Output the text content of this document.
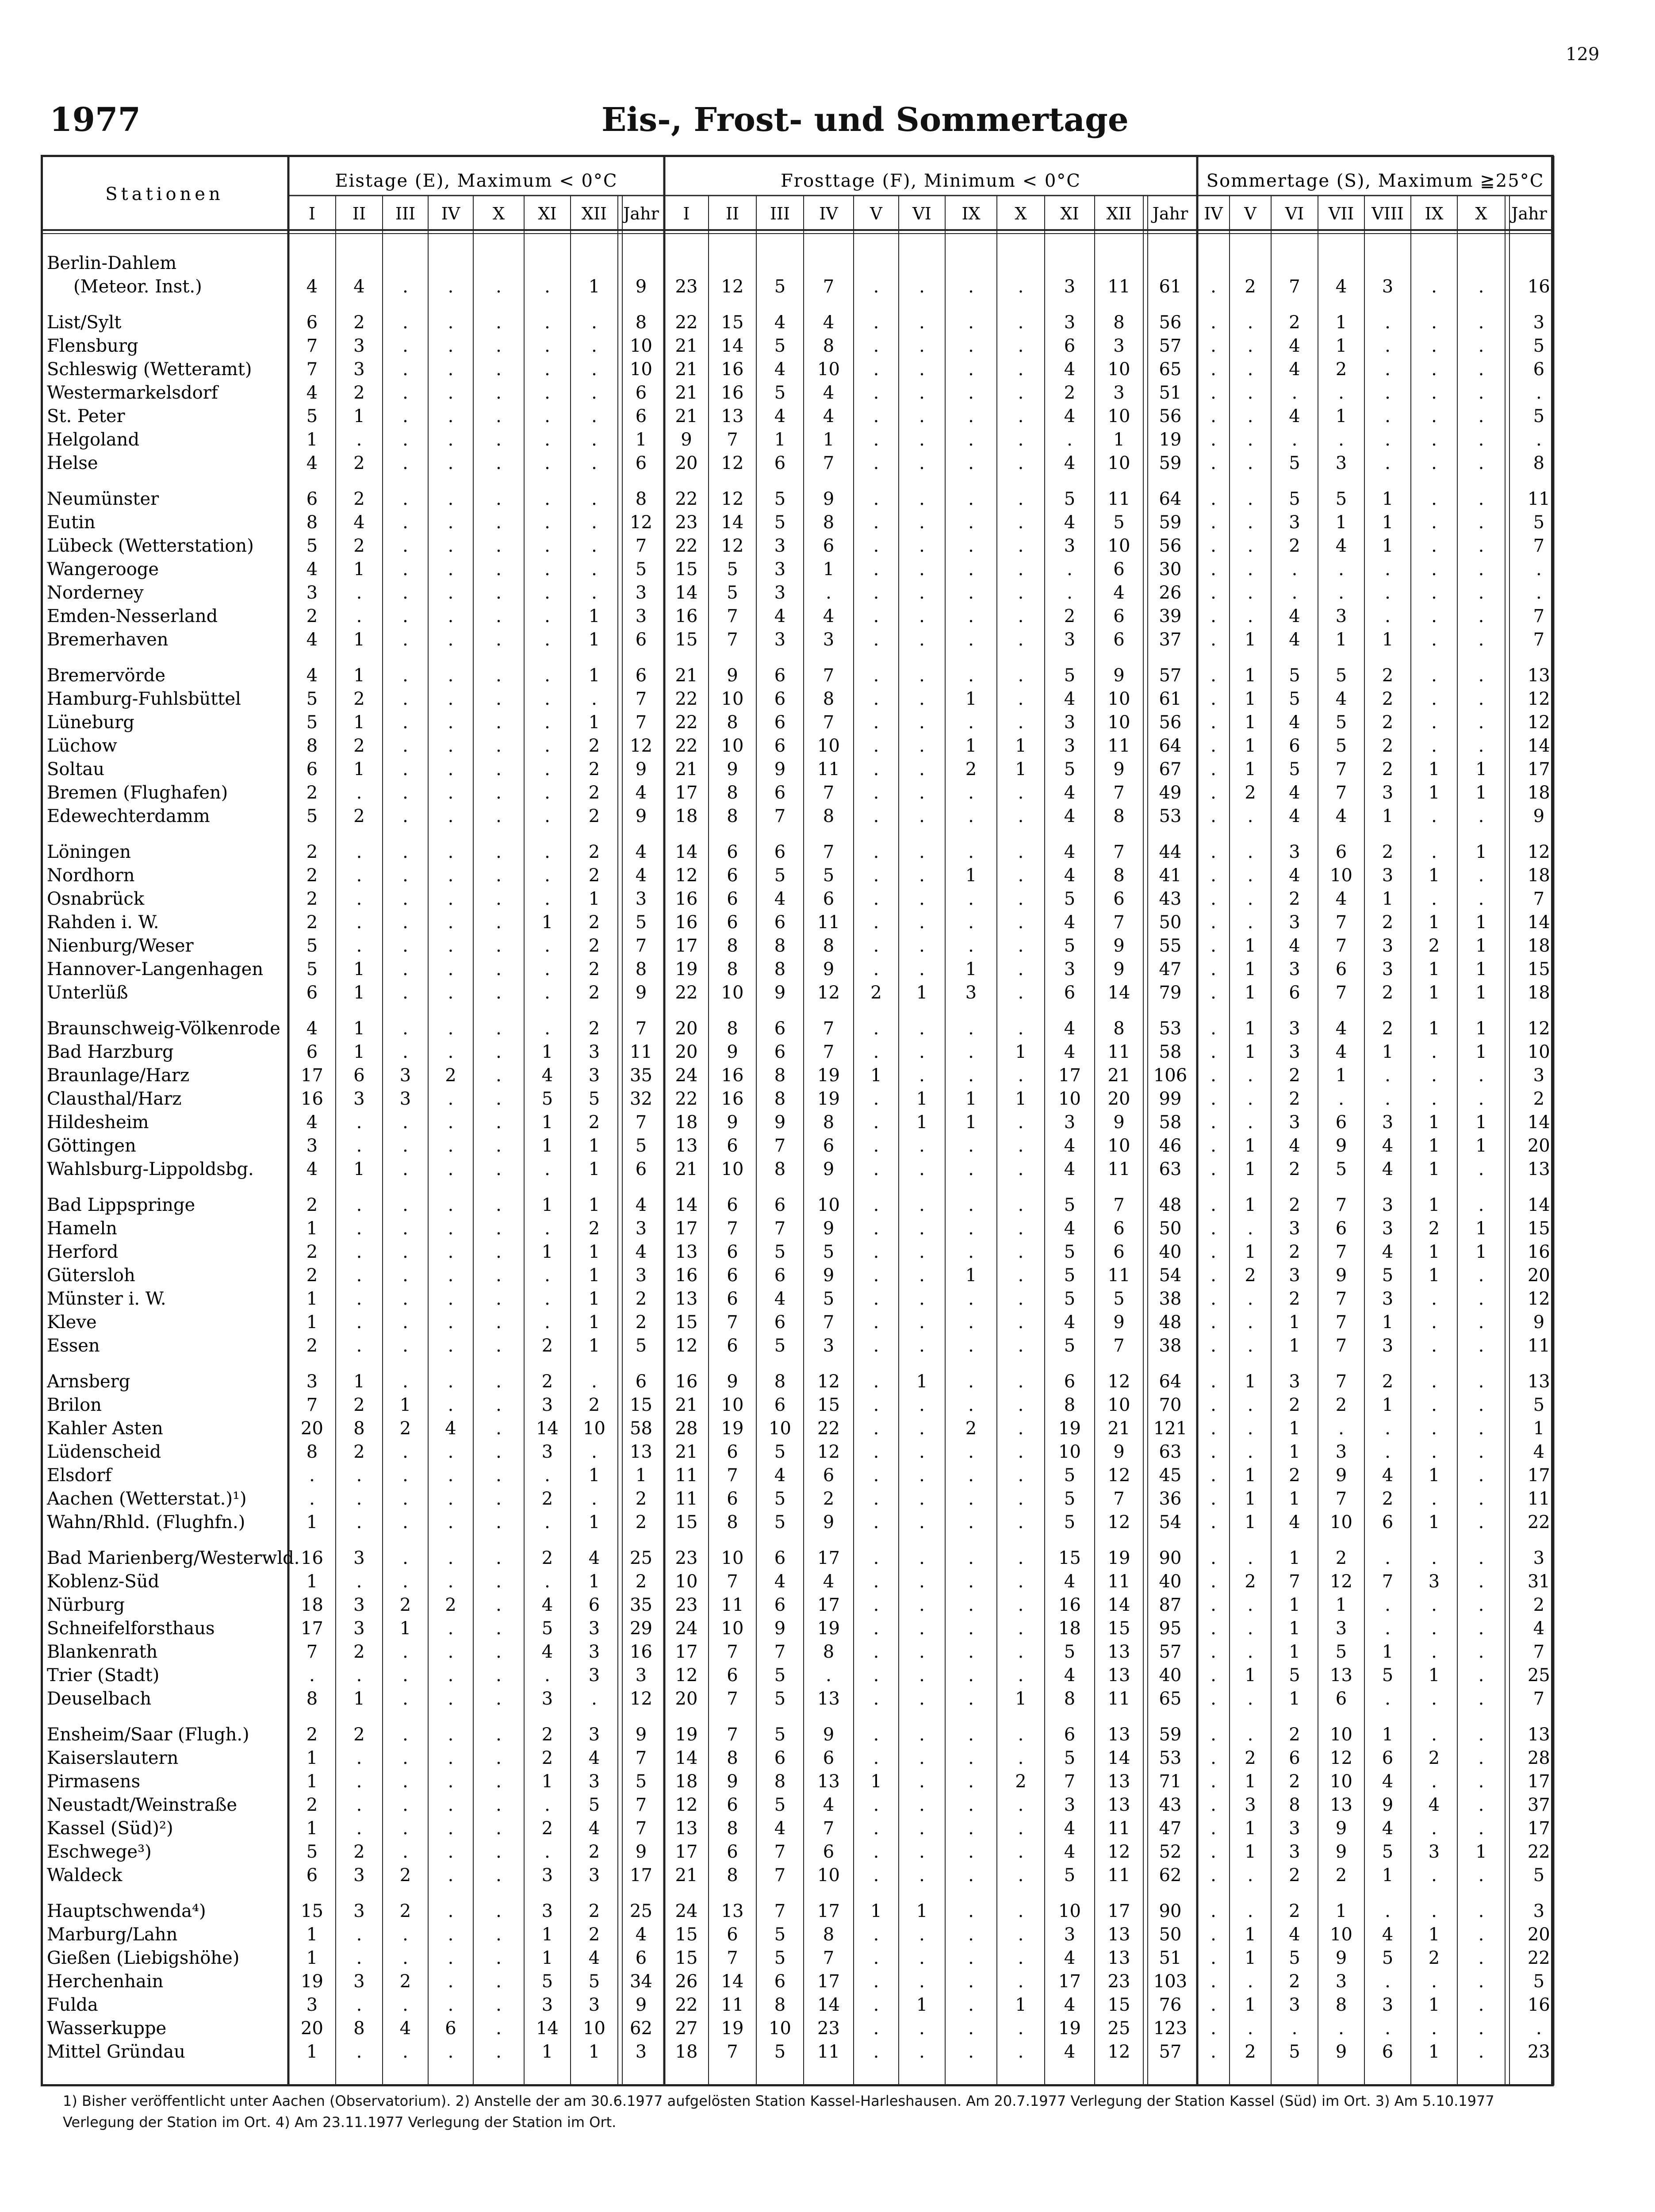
129
1977	Eis-, Frost- und Sommertage
Eistage (E), Maximum < 0°C
I II III IV X XI XII Jahr
Frosttage (F), Minimum < 0°C
I II III IV V VI IX X XI XII Jahr
Sommertage (S), Maximum ≧25°C
IV V VI VII VIII IX X Jahr
Stationen
Berlin-Dahlem
(Meteor. Inst.)	4 4 . . . . 1 9 23 12 5 7 . . . . 3 11 61 . 2 7 4 3 . . 16
List/Sylt	6 2 . . . . . 8 22 15 4 4 . . . . 3 8 56 . . 2 1 . . .	3
Flensburg	7 3 . . . . . 10 21 14 5 8 . . . . 6 3 57 . . 4 1 . . .	5
Schleswig (Wetteramt)	7 3 . . . . . 10 21 16 4 10 . . . . 4 10 65 . . 4 2 . . .	6
Westermarkelsdorf	4 2 . . . . . 6 21 16 5 4 . . . . 2 3 51 . . . . . . .	.
St. Peter	5 1 . . . . . 6 21 13 4 4 . . . . 4 10 56 . . 4 1 . . .	5
Helgoland	1 . . . . . . 1 9 7 1 1 . . . . . 1 19 . . . . . . .	.
Helse	4 2 . . . . . 6 20 12 6 7 . . . . 4 10 59 . . 5 3 . . .	8
Neumünster	6 2 . . . . . 8 22 12 5 9 . . . . 5 11 64 . . 5 5 1 . . 11
Eutin	8 4 . . . . . 12 23 14 5 8 . . . . 4 5 59 . . 3 1 1 . .	5
Lübeck (Wetterstation)	5 2 . . . . . 7 22 12 3 6 . . . . 3 10 56 . . 2 4 1 . .	7
Wangerooge	4 1 . . . . . 5 15 5 3 1 . . . . . 6 30 . . . . . . .	.
Norderney	3 . . . . . . 3 14 5 3 . . . . . . 4 26 . . . . . . .	.
Emden-Nesserland	2 . . . . . 1 3 16 7 4 4 . . . . 2 6 39 . . 4 3 . . .	7
Bremerhaven	4 1 . . . . 1 6 15 7 3 3 . . . . 3 6 37 . 1 4 1 1 . .	7
Bremervörde	4 1 . . . . 1 6 21 9 6 7 . . . . 5 9 57 . 1 5 5 2 . . 13
Hamburg-Fuhlsbüttel	5 2 . . . . . 7 22 10 6 8 . . 1 . 4 10 61 . 1 5 4 2 . . 12
Lüneburg	5 1 . . . . 1 7 22 8 6 7 . . . . 3 10 56 . 1 4 5 2 . . 12
Lüchow	8 2 . . . . 2 12 22 10 6 10 . . 1 1 3 11 64 . 1 6 5 2 . . 14
Soltau	6 1 . . . . 2 9 21 9 9 11 . . 2 1 5 9 67 . 1 5 7 2 1 1 17
Bremen (Flughafen)	2 . . . . . 2 4 17 8 6 7 . . . . 4 7 49 . 2 4 7 3 1 1 18
Edewechterdamm	5 2 . . . . 2 9 18 8 7 8 . . . . 4 8 53 . . 4 4 1 . .	9
Löningen	2 . . . . . 2 4 14 6 6 7 . . . . 4 7 44 . . 3 6 2 . 1 12
Nordhorn	2 . . . . . 2 4 12 6 5 5 . . 1 . 4 8 41 . . 4 10 3 1 . 18
Osnabrück	2 . . . . . 1 3 16 6 4 6 . . . . 5 6 43 . . 2 4 1 . .	7
Rahden i. W.	2 . . . . 1 2 5 16 6 6 11 . . . . 4 7 50 . . 3 7 2 1 1 14
Nienburg/Weser	5 . . . . . 2 7 17 8 8 8 . . . . 5 9 55 . 1 4 7 3 2 1 18
Hannover-Langenhagen 5 1 . . . . 2 8 19 8 8 9 . . 1 . 3 9 47 . 1 3 6 3 1 1 15
Unterlüß	6 1 . . . . 2 9 22 10 9 12 2 1 3 . 6 14 79 . 1 6 7 2 1 1 18
Braunschweig-Völkenrode 4 1 . . . . 2 7 20 8 6 7 . . . . 4 8 53 . 1 3 4 2 1 1 12
Bad Harzburg	6 1 . . . 1 3 11 20 9 6 7 . . . 1 4 11 58 . 1 3 4 1 . 1 10
Braunlage/Harz	17 6 3 2 . 4 3 35 24 16 8 19 1 . . . 17 21 106 . . 2 1 . . .	3
Clausthal/Harz	16 3 3 . . 5 5 32 22 16 8 19 . 1 1 1 10 20 99 . . 2 . . . .	2
Hildesheim	4 . . . . 1 2 7 18 9 9 8 . 1 1 . 3 9 58 . . 3 6 3 1 1 14
Göttingen	3 . . . . 1 1 5 13 6 7 6 . . . . 4 10 46 . 1 4 9 4 1 1 20
Wahlsburg-Lippoldsbg.	4 1 . . . . 1 6 21 10 8 9 . . . . 4 11 63 . 1 2 5 4 1 . 13
Bad Lippspringe	2 . . . . 1 1 4 14 6 6 10 . . . . 5 7 48 . 1 2 7 3 1 . 14
Hameln	1 . . . . . 2 3 17 7 7 9 . . . . 4 6 50 . . 3 6 3 2 1 15
Herford	2 . . . . 1 1 4 13 6 5 5 . . . . 5 6 40 . 1 2 7 4 1 1 16
Gütersloh	2 . . . . . 1 3 16 6 6 9 . . 1 . 5 11 54 . 2 3 9 5 1 . 20
Münster i. W.	1 . . . . . 1 2 13 6 4 5 . . . . 5 5 38 . . 2 7 3 . . 12
Kleve	1 . . . . . 1 2 15 7 6 7 . . . . 4 9 48 . . 1 7 1 . .	9
Essen	2 . . . . 2 1 5 12 6 5 3 . . . . 5 7 38 . . 1 7 3 . . 11
Arnsberg	3 1 . . . 2 . 6 16 9 8 12 . 1 . . 6 12 64 . 1 3 7 2 . . 13
Brilon	7 2 1 . . 3 2 15 21 10 6 15 . . . . 8 10 70 . . 2 2 1 . .	5
Kahler Asten	20 8 2 4 . 14 10 58 28 19 10 22 . . 2 . 19 21 121 . . 1 . . . .	1
Lüdenscheid	8 2 . . . 3 . 13 21 6 5 12 . . . . 10 9 63 . . 1 3 . . .	4
Elsdorf	. . . . . . 1 1 11 7 4 6 . . . . 5 12 45 . 1 2 9 4 1 . 17
Aachen (Wetterstat.)¹)	. . . . . 2 . 2 11 6 5 2 . . . . 5 7 36 . 1 1 7 2 . . 11
Wahn/Rhld. (Flughfn.)	1 . . . . . 1 2 15 8 5 9 . . . . 5 12 54 . 1 4 10 6 1 . 22
Bad Marienberg/Westerwld. 16 3 . . . 2 4 25 23 10 6 17 . . . . 15 19 90 . . 1 2 . . .	3
Koblenz-Süd	1 . . . . . 1 2 10 7 4 4 . . . . 4 11 40 . 2 7 12 7 3 . 31
Nürburg	18 3 2 2 . 4 6 35 23 11 6 17 . . . . 16 14 87 . . 1 1 . . .	2
Schneifelforsthaus	17 3 1 . . 5 3 29 24 10 9 19 . . . . 18 15 95 . . 1 3 . . .	4
Blankenrath	7 2 . . . 4 3 16 17 7 7 8 . . . . 5 13 57 . . 1 5 1 . .	7
Trier (Stadt)	. . . . . . 3 3 12 6 5 . . . . . 4 13 40 . 1 5 13 5 1 . 25
Deuselbach	8 1 . . . 3 . 12 20 7 5 13 . . . 1 8 11 65 . . 1 6 . . .	7
Ensheim/Saar (Flugh.)	2 2 . . . 2 3 9 19 7 5 9 . . . . 6 13 59 . . 2 10 1 . . 13
Kaiserslautern	1 . . . . 2 4 7 14 8 6 6 . . . . 5 14 53 . 2 6 12 6 2 . 28
Pirmasens	1 . . . . 1 3 5 18 9 8 13 1 . . 2 7 13 71 . 1 2 10 4 . . 17
Neustadt/Weinstraße	2 . . . . . 5 7 12 6 5 4 . . . . 3 13 43 . 3 8 13 9 4 . 37
Kassel (Süd)²)	1 . . . . 2 4 7 13 8 4 7 . . . . 4 11 47 . 1 3 9 4 . . 17
Eschwege³)	5 2 . . . . 2 9 17 6 7 6 . . . . 4 12 52 . 1 3 9 5 3 1 22
Waldeck	6 3 2 . . 3 3 17 21 8 7 10 . . . . 5 11 62 . . 2 2 1 . .	5
Hauptschwenda⁴)	15 3 2 . . 3 2 25 24 13 7 17 1 1 . . 10 17 90 . . 2 1 . . .	3
Marburg/Lahn	1 . . . . 1 2 4 15 6 5 8 . . . . 3 13 50 . 1 4 10 4 1 . 20
Gießen (Liebigshöhe)	1 . . . . 1 4 6 15 7 5 7 . . . . 4 13 51 . 1 5 9 5 2 . 22
Herchenhain	19 3 2 . . 5 5 34 26 14 6 17 . . . . 17 23 103 . . 2 3 . . .	5
Fulda	3 . . . . 3 3 9 22 11 8 14 . 1 . 1 4 15 76 . 1 3 8 3 1 . 16
Wasserkuppe	20 8 4 6 . 14 10 62 27 19 10 23 . . . . 19 25 123 . . . . . . .	.
Mittel Gründau	1 . . . . 1 1 3 18 7 5 11 . . . . 4 12 57 . 2 5 9 6 1 . 23
1) Bisher veröffentlicht unter Aachen (Observatorium). 2) Anstelle der am 30.6.1977 aufgelösten Station Kassel-Harleshausen. Am 20.7.1977 Verlegung der Station Kassel (Süd) im Ort. 3) Am 5.10.1977
Verlegung der Station im Ort. 4) Am 23.11.1977 Verlegung der Station im Ort.
